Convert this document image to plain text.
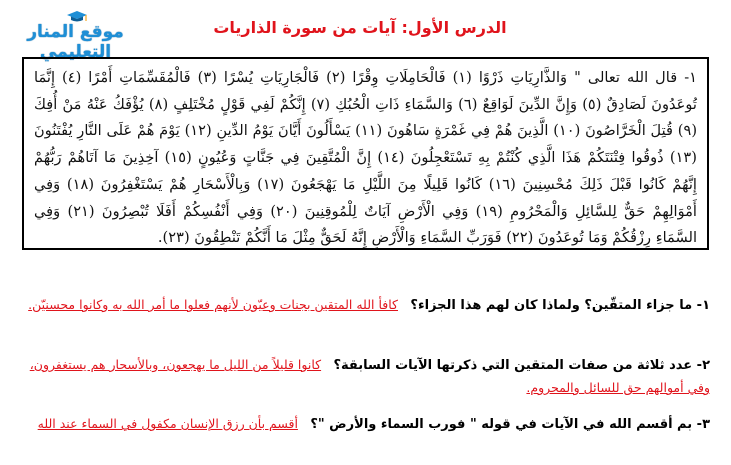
موقع المنار التعليمي
الدرس الأول: آيات من سورة الذاريات

١- قال الله تعالى " وَالذَّارِيَاتِ ذَرْوًا (١) فَالْحَامِلَاتِ وِقْرًا (٢) فَالْجَارِيَاتِ يُسْرًا (٣) فَالْمُقَسِّمَاتِ أَمْرًا (٤) إِنَّمَا تُوعَدُونَ لَصَادِقٌ (٥) وَإِنَّ الدِّينَ لَوَاقِعٌ (٦) وَالسَّمَاءِ ذَاتِ الْحُبُكِ (٧) إِنَّكُمْ لَفِي قَوْلٍ مُخْتَلِفٍ (٨) يُؤْفَكُ عَنْهُ مَنْ أُفِكَ (٩) قُتِلَ الْخَرَّاصُونَ (١٠) الَّذِينَ هُمْ فِي غَمْرَةٍ سَاهُونَ (١١) يَسْأَلُونَ أَيَّانَ يَوْمُ الدِّينِ (١٢) يَوْمَ هُمْ عَلَى النَّارِ يُفْتَنُونَ (١٣) ذُوقُوا فِتْنَتَكُمْ هَذَا الَّذِي كُنْتُمْ بِهِ تَسْتَعْجِلُونَ (١٤) إِنَّ الْمُتَّقِينَ فِي جَنَّاتٍ وَعُيُونٍ (١٥) آخِذِينَ مَا آتَاهُمْ رَبُّهُمْ إِنَّهُمْ كَانُوا قَبْلَ ذَلِكَ مُحْسِنِينَ (١٦) كَانُوا قَلِيلًا مِنَ اللَّيْلِ مَا يَهْجَعُونَ (١٧) وَبِالْأَسْحَارِ هُمْ يَسْتَغْفِرُونَ (١٨) وَفِي أَمْوَالِهِمْ حَقٌّ لِلسَّائِلِ وَالْمَحْرُومِ (١٩) وَفِي الْأَرْضِ آيَاتٌ لِلْمُوقِنِينَ (٢٠) وَفِي أَنْفُسِكُمْ أَفَلَا تُبْصِرُونَ (٢١) وَفِي السَّمَاءِ رِزْقُكُمْ وَمَا تُوعَدُونَ (٢٢) فَوَرَبِّ السَّمَاءِ وَالْأَرْضِ إِنَّهُ لَحَقٌّ مِثْلَ مَا أَنَّكُمْ تَنْطِقُونَ (٢٣).

١- ما جزاء المتقّين؟ ولماذا كان لهم هذا الجزاء؟   كافأ الله المتقين بجنات وعيّون لأنهم فعلوا ما أمر الله به وكانوا محسنيّن.
٢- عدد ثلاثة من صفات المتقين التي ذكرتها الآيات السابقة؟   كانوا قليلاً من الليل ما يهجعون، وبالأسحار هم يستغفرون، وفي أموالهم حق للسائل والمحروم.
٣- بم أقسم الله في الآيات في قوله " فورب السماء والأرض "؟   أقسم بأن رزق الإنسان مكفول في السماء عند الله
